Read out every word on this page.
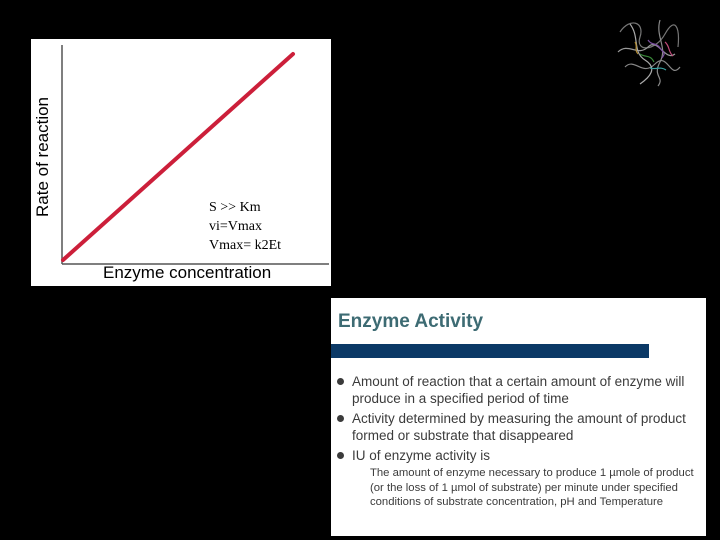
Rate of reaction
Enzyme concentration
S >> Km
vi=Vmax
Vmax= k2Et
Enzyme Activity
Amount of reaction that a certain amount of enzyme will produce in a specified period of time
Activity determined by measuring the amount of product formed or substrate that disappeared
IU of enzyme activity is
The amount of enzyme necessary to produce 1 µmole of product (or the loss of 1 µmol of substrate) per minute under specified conditions of substrate concentration, pH and Temperature
